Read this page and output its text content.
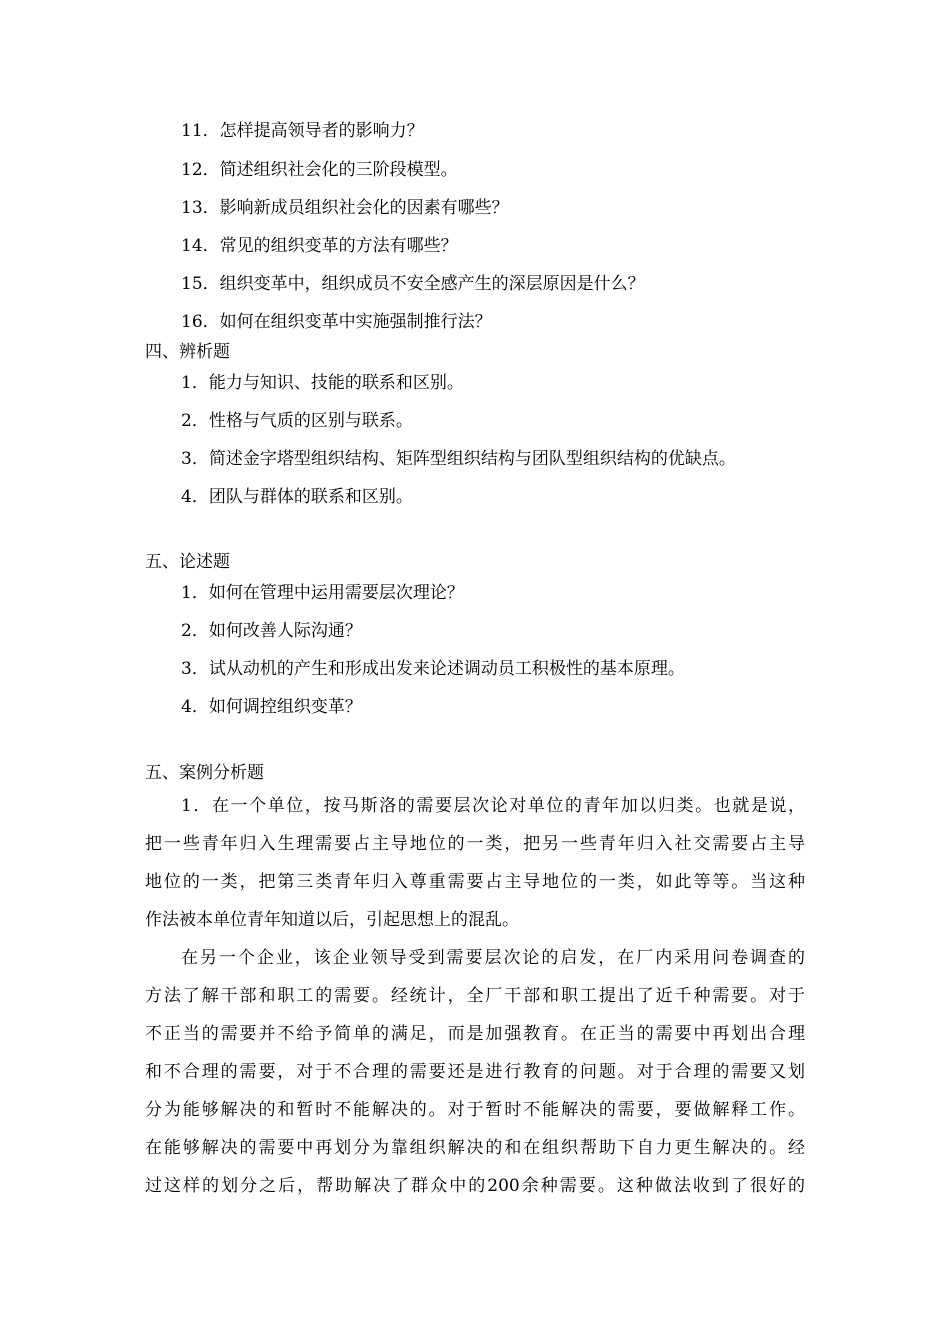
11．怎样提高领导者的影响力？
12．简述组织社会化的三阶段模型。
13．影响新成员组织社会化的因素有哪些？
14．常见的组织变革的方法有哪些？
15．组织变革中，组织成员不安全感产生的深层原因是什么？
16．如何在组织变革中实施强制推行法？
四、辨析题
1．能力与知识、技能的联系和区别。
2．性格与气质的区别与联系。
3．简述金字塔型组织结构、矩阵型组织结构与团队型组织结构的优缺点。
4．团队与群体的联系和区别。
五、论述题
1．如何在管理中运用需要层次理论？
2．如何改善人际沟通？
3．试从动机的产生和形成出发来论述调动员工积极性的基本原理。
4．如何调控组织变革？
五、案例分析题
1．在一个单位，按马斯洛的需要层次论对单位的青年加以归类。也就是说，
把一些青年归入生理需要占主导地位的一类，把另一些青年归入社交需要占主导
地位的一类，把第三类青年归入尊重需要占主导地位的一类，如此等等。当这种
作法被本单位青年知道以后，引起思想上的混乱。
在另一个企业，该企业领导受到需要层次论的启发，在厂内采用问卷调查的
方法了解干部和职工的需要。经统计，全厂干部和职工提出了近千种需要。对于
不正当的需要并不给予简单的满足，而是加强教育。在正当的需要中再划出合理
和不合理的需要，对于不合理的需要还是进行教育的问题。对于合理的需要又划
分为能够解决的和暂时不能解决的。对于暂时不能解决的需要，要做解释工作。
在能够解决的需要中再划分为靠组织解决的和在组织帮助下自力更生解决的。经
过这样的划分之后，帮助解决了群众中的200余种需要。这种做法收到了很好的
